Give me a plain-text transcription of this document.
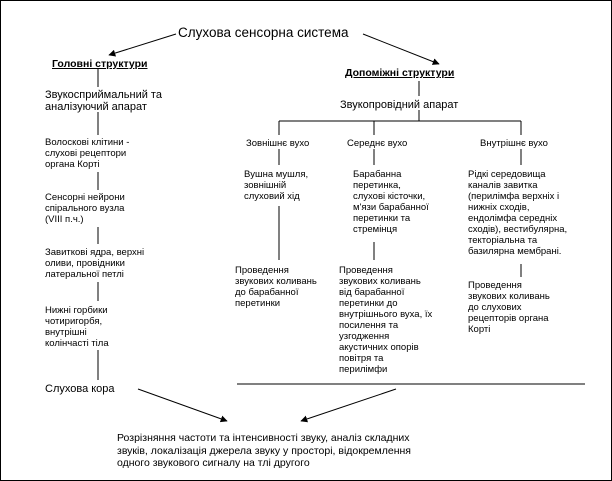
Слухова сенсорна система
Головні структури
Звукосприймальний та
аналізуючий апарат
Волоскові клітини -
слухові рецептори
органа Корті
Сенсорні нейрони
спірального вузла
(VIII п.ч.)
Завиткові ядра, верхні
оливи, провідники
латеральної петлі
Нижні горбики
чотиригорбя,
внутрішні
колінчасті тіла
Слухова кора
Допоміжні структури
Звукопровідний апарат
Зовнішнє вухо	Середнє вухо	Внутрішнє вухо
Вушна мушля,
зовнішній
слуховий хід
Барабанна
перетинка,
слухові кісточки,
м'язи барабанної
перетинки та
стремінця
Рідкі середовища
каналів завитка
(перилімфа верхніх і
нижніх сходів,
ендолімфа середніх
сходів), вестибулярна,
текторіальна та
базилярна мембрані.
Проведення
звукових коливань
до барабанної
перетинки
Проведення
звукових коливань
від барабанної
перетинки до
внутрішнього вуха, їх
посилення та
узгодження
акустичних опорів
повітря та
перилімфи
Проведення
звукових коливань
до слухових
рецепторів органа
Корті
Розрізняння частоти та інтенсивності звуку, аналіз складних
звуків, локалізація джерела звуку у просторі, відокремлення
одного звукового сигналу на тлі другого
